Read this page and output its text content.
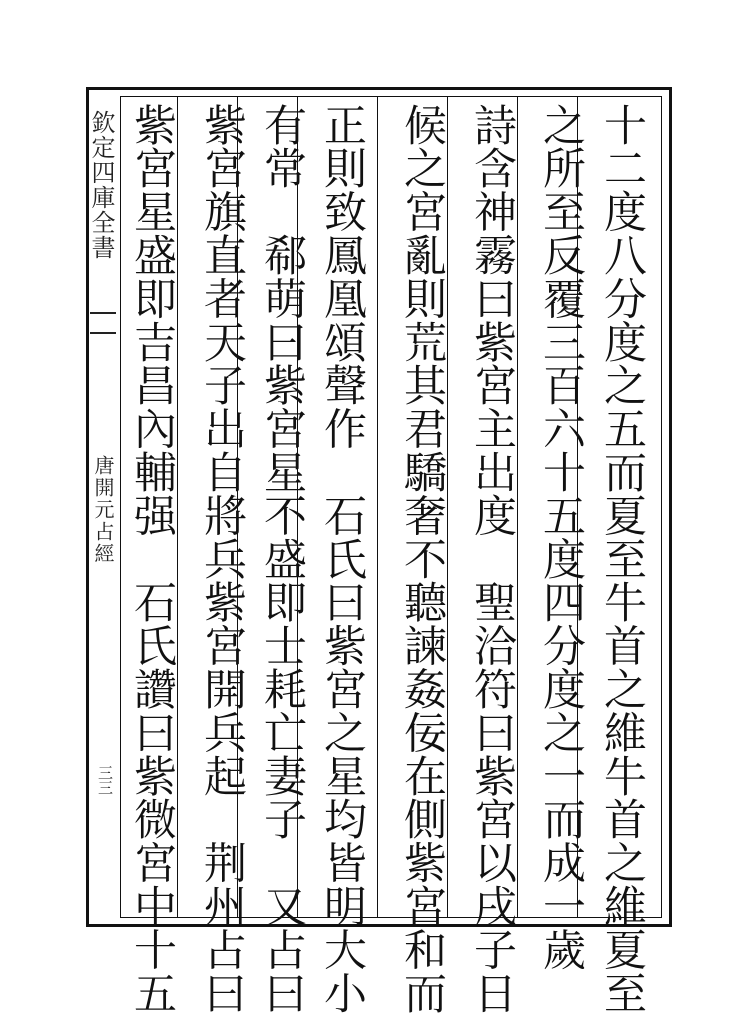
十二度八分度之五而夏至牛首之維牛首之維夏至
之所至反覆三百六十五度四分度之一而成一歲
詩含神霧曰紫宮主出度　聖洽符曰紫宮以戌子日
候之宮亂則荒其君驕奢不聽諫姦佞在側紫宮和而
正則致鳳凰頌聲作　石氏曰紫宮之星均皆明大小
有常　郗萌曰紫宮星不盛即士耗亡妻子　又占曰
紫宮旗直者天子出自將兵紫宮開兵起　荆州占曰
紫宮星盛即吉昌內輔强　石氏讚曰紫微宮中十五
欽定四庫全書
唐開元占經
三三
